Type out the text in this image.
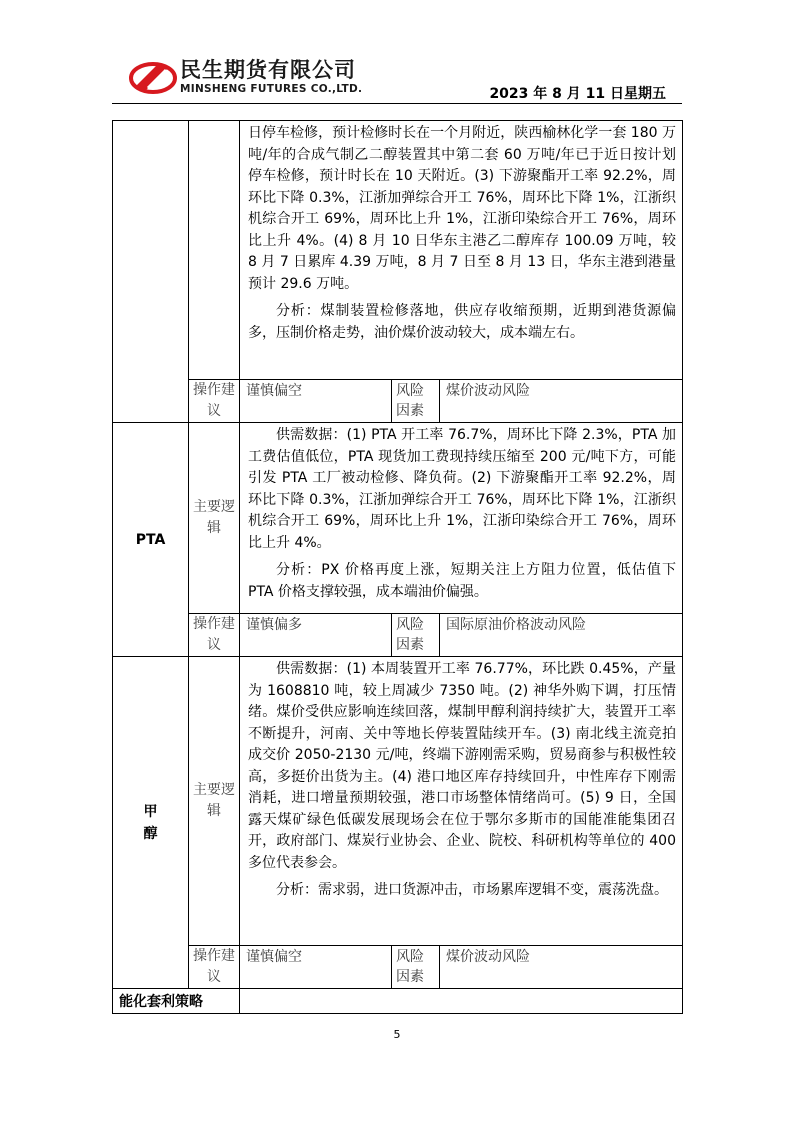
民生期货有限公司
MINSHENG FUTURES CO.,LTD.	2023 年 8 月 11 日星期五

		日停车检修，预计检修时长在一个月附近，陕西榆林化学一套 180 万吨/年的合成气制乙二醇装置其中第二套 60 万吨/年已于近日按计划停车检修，预计时长在 10 天附近。(3) 下游聚酯开工率 92.2%，周环比下降 0.3%，江浙加弹综合开工 76%，周环比下降 1%，江浙织机综合开工 69%，周环比上升 1%，江浙印染综合开工 76%，周环比上升 4%。(4) 8 月 10 日华东主港乙二醇库存 100.09 万吨，较 8 月 7 日累库 4.39 万吨，8 月 7 日至 8 月 13 日，华东主港到港量预计 29.6 万吨。

分析：煤制装置检修落地，供应存收缩预期，近期到港货源偏多，压制价格走势，油价煤价波动较大，成本端左右。		

	操作建议	谨慎偏空	风险因素	煤价波动风险
PTA	主要逻辑	供需数据：(1) PTA 开工率 76.7%，周环比下降 2.3%，PTA 加工费估值低位，PTA 现货加工费现持续压缩至 200 元/吨下方，可能引发 PTA 工厂被动检修、降负荷。(2) 下游聚酯开工率 92.2%，周环比下降 0.3%，江浙加弹综合开工 76%，周环比下降 1%，江浙织机综合开工 69%，周环比上升 1%，江浙印染综合开工 76%，周环比上升 4%。

分析：PX 价格再度上涨，短期关注上方阻力位置，低估值下 PTA 价格支撑较强，成本端油价偏强。		

	操作建议	谨慎偏多	风险因素	国际原油价格波动风险
甲醇	主要逻辑	供需数据：(1) 本周装置开工率 76.77%，环比跌 0.45%，产量为 1608810 吨，较上周减少 7350 吨。(2) 神华外购下调，打压情绪。煤价受供应影响连续回落，煤制甲醇利润持续扩大，装置开工率不断提升，河南、关中等地长停装置陆续开车。(3) 南北线主流竞拍成交价 2050-2130 元/吨，终端下游刚需采购，贸易商参与积极性较高，多挺价出货为主。(4) 港口地区库存持续回升，中性库存下刚需消耗，进口增量预期较强，港口市场整体情绪尚可。(5) 9 日，全国露天煤矿绿色低碳发展现场会在位于鄂尔多斯市的国能准能集团召开，政府部门、煤炭行业协会、企业、院校、科研机构等单位的 400 多位代表参会。

分析：需求弱，进口货源冲击，市场累库逻辑不变，震荡洗盘。		

	操作建议	谨慎偏空	风险因素	煤价波动风险
能化套利策略				
5
